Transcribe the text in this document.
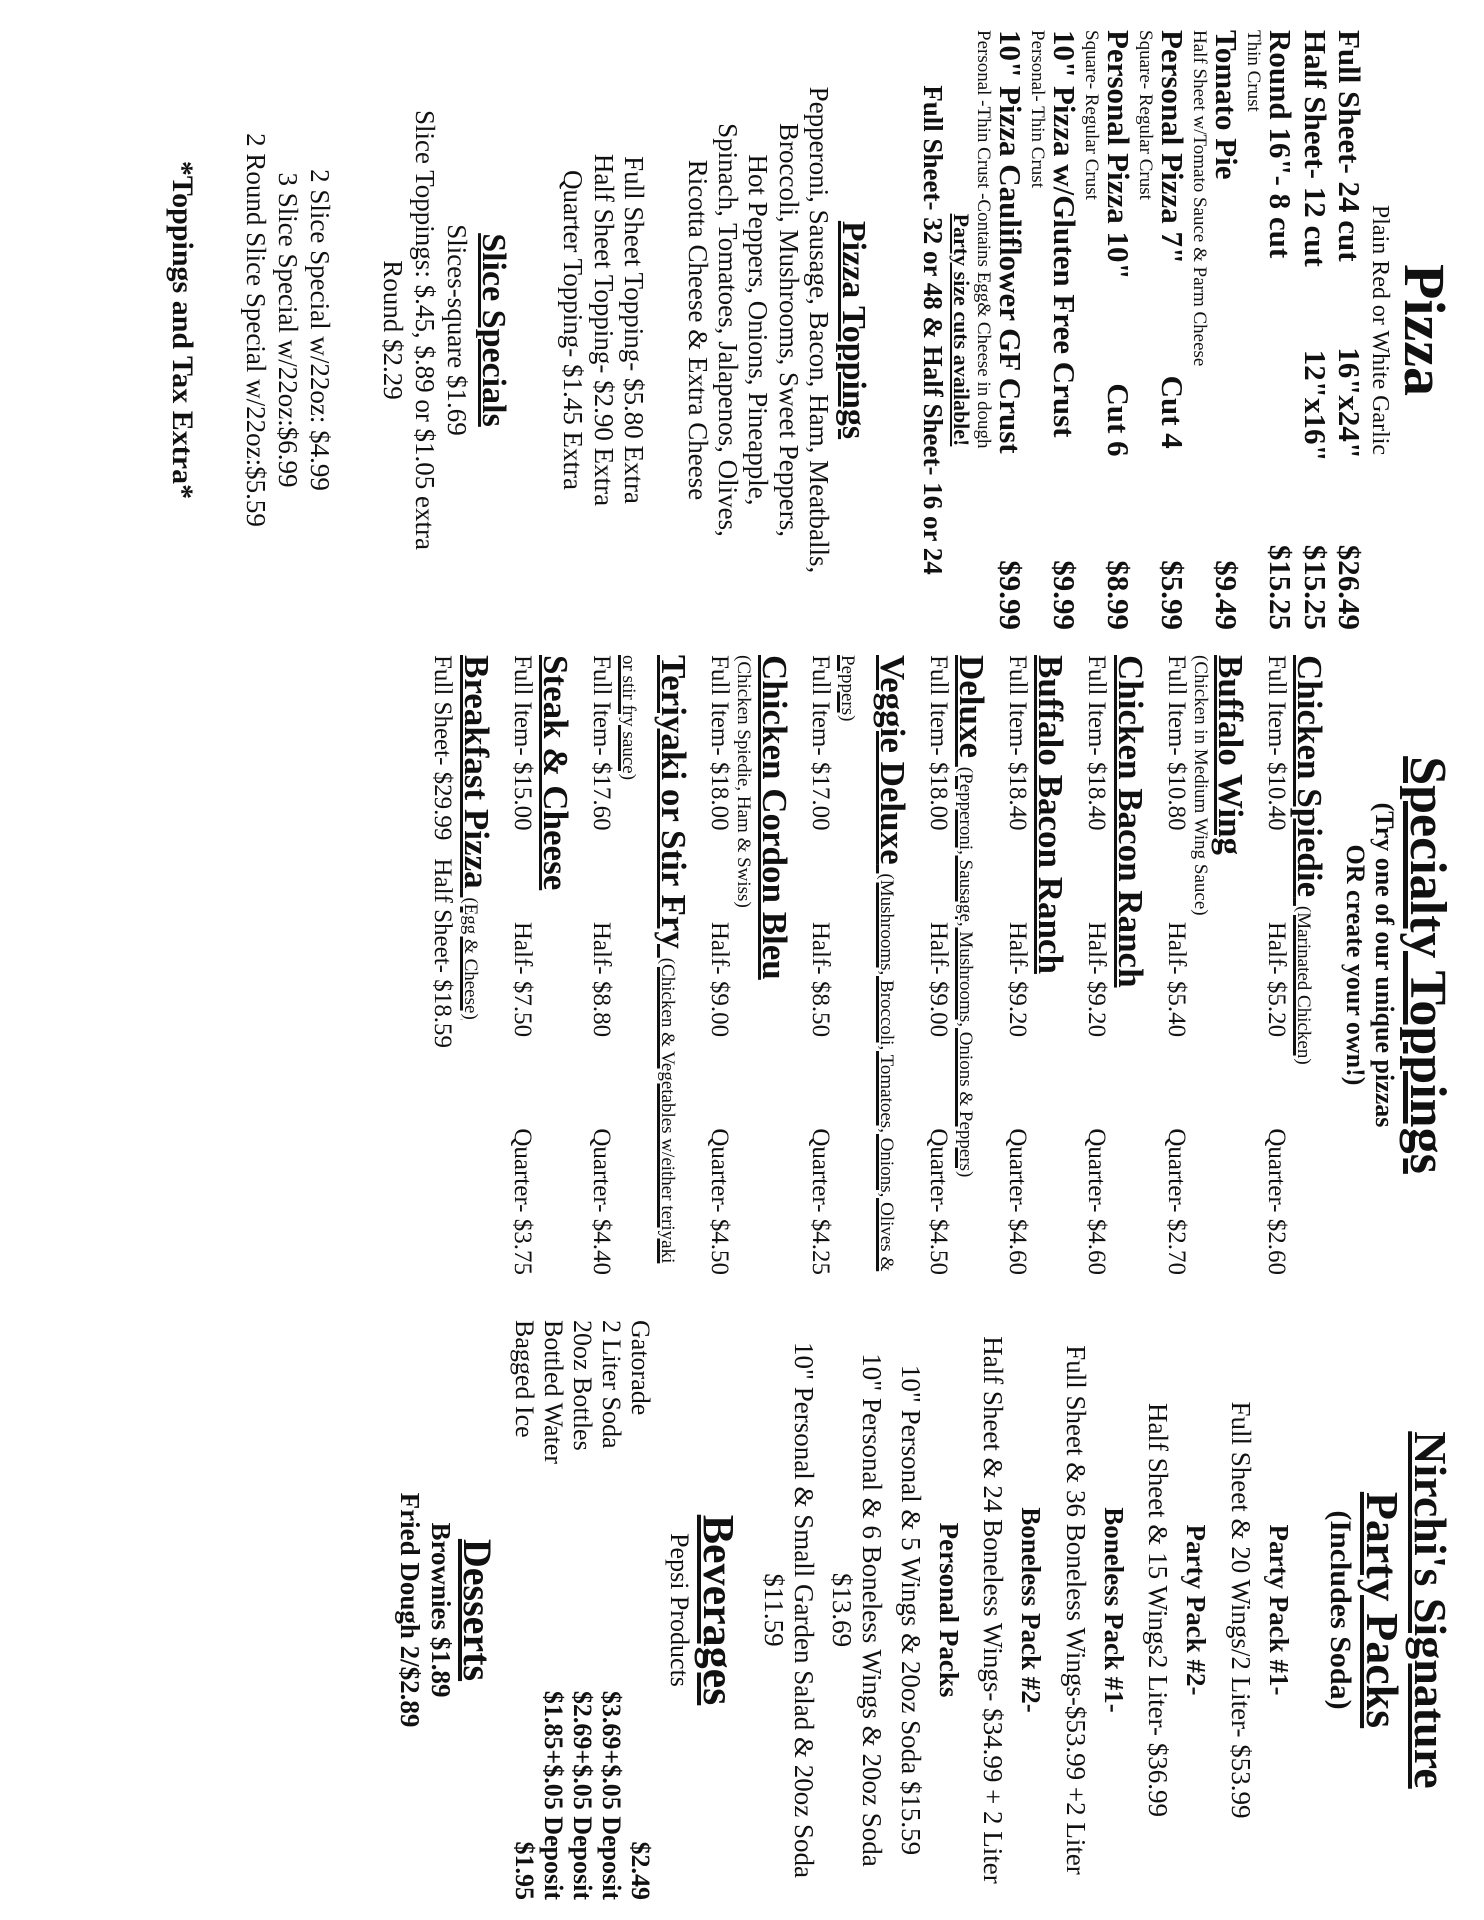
Pizza
Plain Red or White Garlic
Full Sheet- 24 cut
16"x24"
$26.49
Half Sheet- 12 cut
12"x16"
$15.25
Round 16"- 8 cut
$15.25
Thin Crust
Tomato Pie
$9.49
Half Sheet w/Tomato Sauce & Parm Cheese
Personal Pizza 7"
Cut 4
$5.99
Square- Regular Crust
Personal Pizza 10"
Cut 6
$8.99
Square- Regular Crust
10" Pizza w/Gluten Free Crust
$9.99
Personal- Thin Crust
10" Pizza Cauliflower GF Crust
$9.99
Personal -Thin Crust -Contains Egg& Cheese in dough
Party size cuts available!
Full Sheet- 32 or 48 & Half Sheet- 16 or 24
Pizza Toppings
Pepperoni, Sausage, Bacon, Ham, Meatballs,
Broccoli, Mushrooms, Sweet Peppers,
Hot Peppers, Onions, Pineapple,
Spinach, Tomatoes, Jalapenos, Olives,
Ricotta Cheese & Extra Cheese
Full Sheet Topping- $5.80 Extra
Half Sheet Topping- $2.90 Extra
Quarter Topping- $1.45 Extra
Slice Specials
Slices-square $1.69
Slice Toppings: $.45, $.89 or $1.05 extra
Round $2.29
2 Slice Special w/22oz: $4.99
3 Slice Special w/22oz:$6.99
2 Round Slice Special w/22oz:$5.59
*Toppings and Tax Extra*
Specialty Toppings
(Try one of our unique pizzas
OR create your own!)
Chicken Spiedie (Marinated Chicken)
Full Item- $10.40
Half- $5.20
Quarter- $2.60
Buffalo Wing
(Chicken in Medium Wing Sauce)
Full Item- $10.80
Half- $5.40
Quarter- $2.70
Chicken Bacon Ranch
Full Item- $18.40
Half- $9.20
Quarter- $4.60
Buffalo Bacon Ranch
Full Item- $18.40
Half- $9.20
Quarter- $4.60
Deluxe (Pepperoni, Sausage, Mushrooms, Onions & Peppers)
Full Item- $18.00
Half- $9.00
Quarter- $4.50
Veggie Deluxe (Mushrooms, Broccoli, Tomatoes, Onions, Olives & Peppers)
Full Item- $17.00
Half- $8.50
Quarter- $4.25
Chicken Cordon Bleu
(Chicken Spiedie, Ham & Swiss)
Full Item- $18.00
Half- $9.00
Quarter- $4.50
Teriyaki or Stir Fry (Chicken & Vegetables w/either teriyaki or stir fry sauce)
Full Item- $17.60
Half- $8.80
Quarter- $4.40
Steak & Cheese
Full Item- $15.00
Half- $7.50
Quarter- $3.75
Breakfast Pizza (Egg & Cheese)
Full Sheet- $29.99
Half Sheet- $18.59
Nirchi's Signature
Party Packs
(Includes Soda)
Party Pack #1-
Full Sheet & 20 Wings/2 Liter- $53.99
Party Pack #2-
Half Sheet & 15 Wings2 Liter- $36.99
Boneless Pack #1-
Full Sheet & 36 Boneless Wings-$53.99 +2 Liter
Boneless Pack #2-
Half Sheet & 24 Boneless Wings- $34.99 + 2 Liter
Personal Packs
10" Personal & 5 Wings & 20oz Soda $15.59
10" Personal & 6 Boneless Wings & 20oz Soda $13.69
10" Personal & Small Garden Salad & 20oz Soda $11.59
Beverages
Pepsi Products
Gatorade
$2.49
2 Liter Soda
$3.69+$.05 Deposit
20oz Bottles
$2.69+$.05 Deposit
Bottled Water
$1.85+$.05 Deposit
Bagged Ice
$1.95
Desserts
Brownies $1.89
Fried Dough 2/$2.89
